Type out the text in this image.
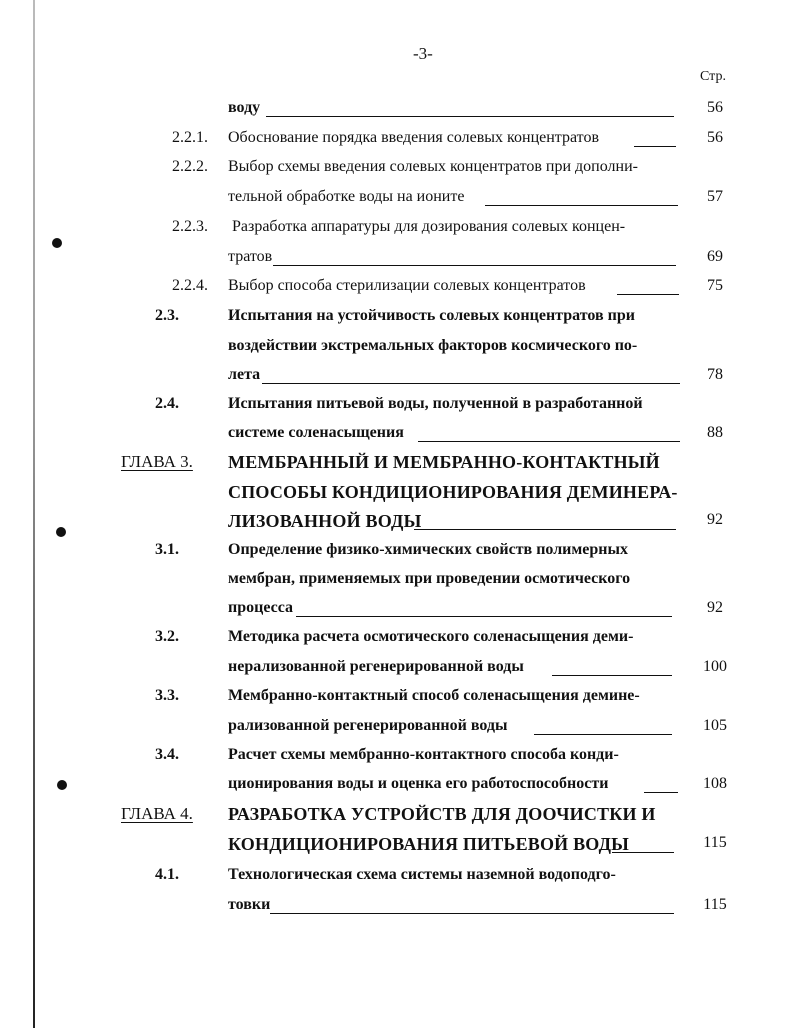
-3-
Стр.
воду	56
2.2.1. Обоснование порядка введения солевых концентратов	56
2.2.2. Выбор схемы введения солевых концентратов при дополни-
тельной обработке воды на ионите	57
2.2.3. Разработка аппаратуры для дозирования солевых концен-
тратов	69
2.2.4. Выбор способа стерилизации солевых концентратов	75
2.3.	Испытания на устойчивость солевых концентратов при
воздействии экстремальных факторов космического по-
лета	78
2.4.	Испытания питьевой воды, полученной в разработанной
системе соленасыщения	88
ГЛАВА 3. МЕМБРАННЫЙ И МЕМБРАННО-КОНТАКТНЫЙ
СПОСОБЫ КОНДИЦИОНИРОВАНИЯ ДЕМИНЕРА-
ЛИЗОВАННОЙ ВОДЫ	92
3.1.	Определение физико-химических свойств полимерных
мембран, применяемых при проведении осмотического
процесса	92
3.2.	Методика расчета осмотического соленасыщения деми-
нерализованной регенерированной воды	100
3.3.	Мембранно-контактный способ соленасыщения демине-
рализованной регенерированной воды	105
3.4.	Расчет схемы мембранно-контактного способа конди-
ционирования воды и оценка его работоспособности	108
ГЛАВА 4. РАЗРАБОТКА УСТРОЙСТВ ДЛЯ ДООЧИСТКИ И
КОНДИЦИОНИРОВАНИЯ ПИТЬЕВОЙ ВОДЫ	115
4.1.	Технологическая схема системы наземной водоподго-
товки	115
